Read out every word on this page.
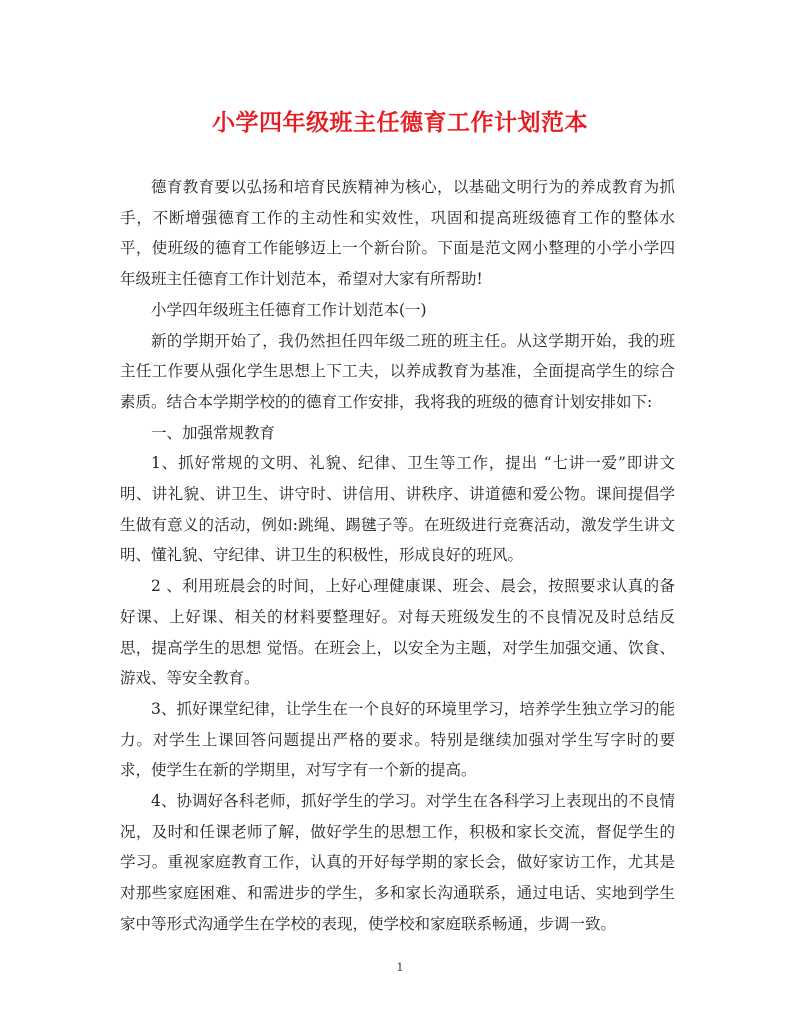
小学四年级班主任德育工作计划范本

德育教育要以弘扬和培育民族精神为核心，以基础文明行为的养成教育为抓手，不断增强德育工作的主动性和实效性，巩固和提高班级德育工作的整体水平，使班级的德育工作能够迈上一个新台阶。下面是范文网小整理的小学小学四年级班主任德育工作计划范本，希望对大家有所帮助!

小学四年级班主任德育工作计划范本(一)

新的学期开始了，我仍然担任四年级二班的班主任。从这学期开始，我的班主任工作要从强化学生思想上下工夫，以养成教育为基准，全面提高学生的综合素质。结合本学期学校的的德育工作安排，我将我的班级的德育计划安排如下:

一、加强常规教育

1、抓好常规的文明、礼貌、纪律、卫生等工作，提出 “七讲一爱”即讲文明、讲礼貌、讲卫生、讲守时、讲信用、讲秩序、讲道德和爱公物。课间提倡学生做有意义的活动，例如:跳绳、踢毽子等。在班级进行竞赛活动，激发学生讲文明、懂礼貌、守纪律、讲卫生的积极性，形成良好的班风。

2 、利用班晨会的时间，上好心理健康课、班会、晨会，按照要求认真的备好课、上好课、相关的材料要整理好。对每天班级发生的不良情况及时总结反思，提高学生的思想 觉悟。在班会上，以安全为主题，对学生加强交通、饮食、游戏、等安全教育。

3、抓好课堂纪律，让学生在一个良好的环境里学习，培养学生独立学习的能力。对学生上课回答问题提出严格的要求。特别是继续加强对学生写字时的要求，使学生在新的学期里，对写字有一个新的提高。

4、协调好各科老师，抓好学生的学习。对学生在各科学习上表现出的不良情况，及时和任课老师了解，做好学生的思想工作，积极和家长交流，督促学生的学习。重视家庭教育工作，认真的开好每学期的家长会，做好家访工作，尤其是对那些家庭困难、和需进步的学生，多和家长沟通联系，通过电话、实地到学生家中等形式沟通学生在学校的表现，使学校和家庭联系畅通，步调一致。

1
